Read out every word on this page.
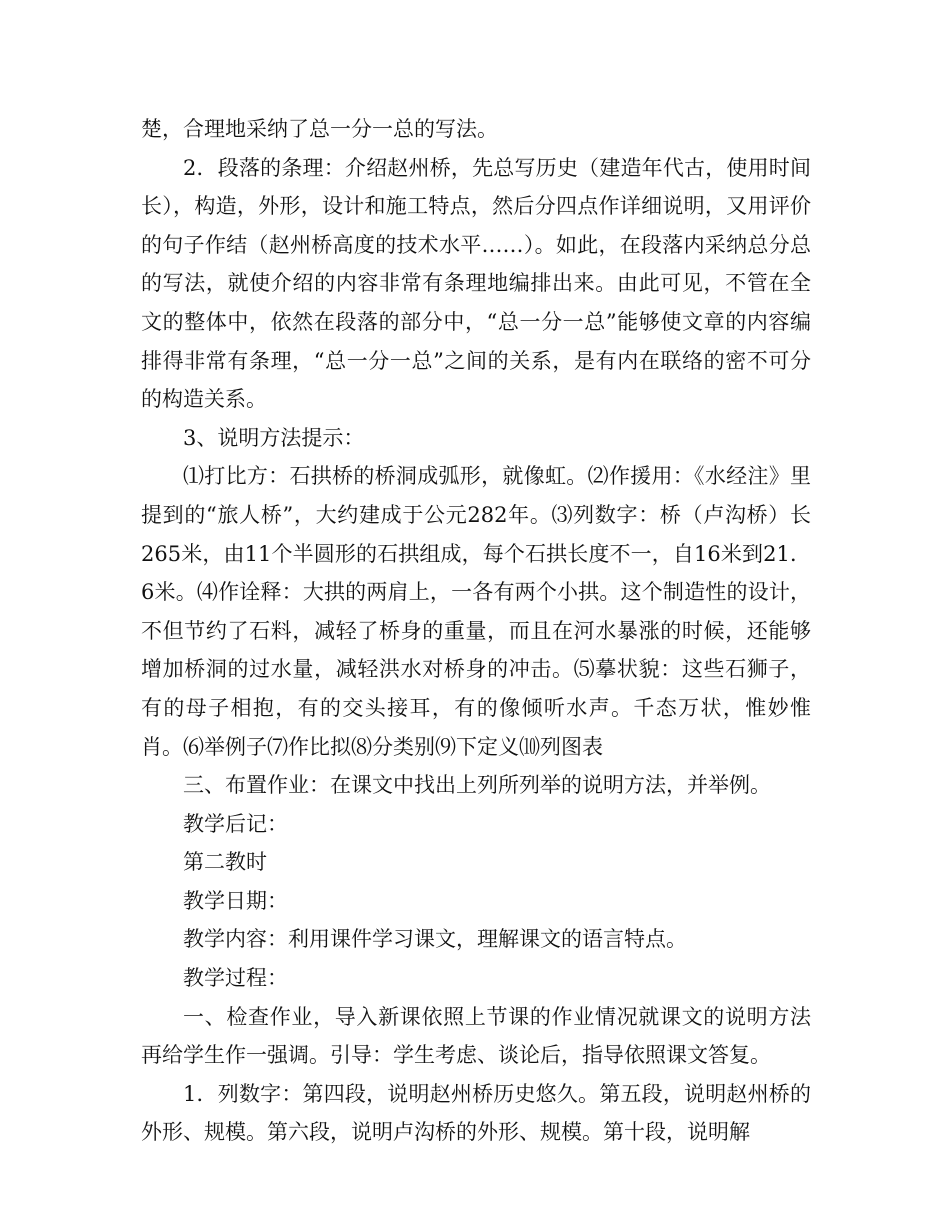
楚，合理地采纳了总一分一总的写法。

2．段落的条理：介绍赵州桥，先总写历史（建造年代古，使用时间长），构造，外形，设计和施工特点，然后分四点作详细说明，又用评价的句子作结（赵州桥高度的技术水平……）。如此，在段落内采纳总分总的写法，就使介绍的内容非常有条理地编排出来。由此可见，不管在全文的整体中，依然在段落的部分中，“总一分一总”能够使文章的内容编排得非常有条理，“总一分一总”之间的关系，是有内在联络的密不可分的构造关系。

3、说明方法提示：

⑴打比方：石拱桥的桥洞成弧形，就像虹。⑵作援用：《水经注》里提到的“旅人桥”，大约建成于公元282年。⑶列数字：桥（卢沟桥）长265米，由11个半圆形的石拱组成，每个石拱长度不一，自16米到21．6米。⑷作诠释：大拱的两肩上，一各有两个小拱。这个制造性的设计，不但节约了石料，减轻了桥身的重量，而且在河水暴涨的时候，还能够增加桥洞的过水量，减轻洪水对桥身的冲击。⑸摹状貌：这些石狮子，有的母子相抱，有的交头接耳，有的像倾听水声。千态万状，惟妙惟肖。⑹举例子⑺作比拟⑻分类别⑼下定义⑽列图表

三、布置作业：在课文中找出上列所列举的说明方法，并举例。

教学后记：

第二教时

教学日期：

教学内容：利用课件学习课文，理解课文的语言特点。

教学过程：

一、检查作业，导入新课依照上节课的作业情况就课文的说明方法再给学生作一强调。引导：学生考虑、谈论后，指导依照课文答复。

1．列数字：第四段，说明赵州桥历史悠久。第五段，说明赵州桥的外形、规模。第六段，说明卢沟桥的外形、规模。第十段，说明解
